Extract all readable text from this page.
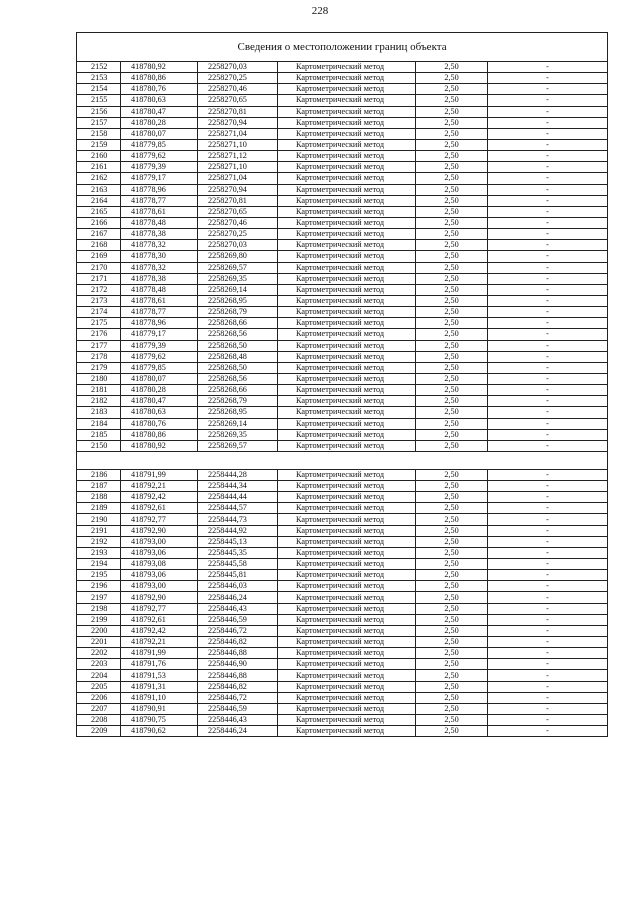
228
Сведения о местоположении границ объекта					
2152	418780,92	2258270,03	Картометрический метод	2,50	-
2153	418780,86	2258270,25	Картометрический метод	2,50	-
2154	418780,76	2258270,46	Картометрический метод	2,50	-
2155	418780,63	2258270,65	Картометрический метод	2,50	-
2156	418780,47	2258270,81	Картометрический метод	2,50	-
2157	418780,28	2258270,94	Картометрический метод	2,50	-
2158	418780,07	2258271,04	Картометрический метод	2,50	-
2159	418779,85	2258271,10	Картометрический метод	2,50	-
2160	418779,62	2258271,12	Картометрический метод	2,50	-
2161	418779,39	2258271,10	Картометрический метод	2,50	-
2162	418779,17	2258271,04	Картометрический метод	2,50	-
2163	418778,96	2258270,94	Картометрический метод	2,50	-
2164	418778,77	2258270,81	Картометрический метод	2,50	-
2165	418778,61	2258270,65	Картометрический метод	2,50	-
2166	418778,48	2258270,46	Картометрический метод	2,50	-
2167	418778,38	2258270,25	Картометрический метод	2,50	-
2168	418778,32	2258270,03	Картометрический метод	2,50	-
2169	418778,30	2258269,80	Картометрический метод	2,50	-
2170	418778,32	2258269,57	Картометрический метод	2,50	-
2171	418778,38	2258269,35	Картометрический метод	2,50	-
2172	418778,48	2258269,14	Картометрический метод	2,50	-
2173	418778,61	2258268,95	Картометрический метод	2,50	-
2174	418778,77	2258268,79	Картометрический метод	2,50	-
2175	418778,96	2258268,66	Картометрический метод	2,50	-
2176	418779,17	2258268,56	Картометрический метод	2,50	-
2177	418779,39	2258268,50	Картометрический метод	2,50	-
2178	418779,62	2258268,48	Картометрический метод	2,50	-
2179	418779,85	2258268,50	Картометрический метод	2,50	-
2180	418780,07	2258268,56	Картометрический метод	2,50	-
2181	418780,28	2258268,66	Картометрический метод	2,50	-
2182	418780,47	2258268,79	Картометрический метод	2,50	-
2183	418780,63	2258268,95	Картометрический метод	2,50	-
2184	418780,76	2258269,14	Картометрический метод	2,50	-
2185	418780,86	2258269,35	Картометрический метод	2,50	-
2150	418780,92	2258269,57	Картометрический метод	2,50	-

2186	418791,99	2258444,28	Картометрический метод	2,50	-
2187	418792,21	2258444,34	Картометрический метод	2,50	-
2188	418792,42	2258444,44	Картометрический метод	2,50	-
2189	418792,61	2258444,57	Картометрический метод	2,50	-
2190	418792,77	2258444,73	Картометрический метод	2,50	-
2191	418792,90	2258444,92	Картометрический метод	2,50	-
2192	418793,00	2258445,13	Картометрический метод	2,50	-
2193	418793,06	2258445,35	Картометрический метод	2,50	-
2194	418793,08	2258445,58	Картометрический метод	2,50	-
2195	418793,06	2258445,81	Картометрический метод	2,50	-
2196	418793,00	2258446,03	Картометрический метод	2,50	-
2197	418792,90	2258446,24	Картометрический метод	2,50	-
2198	418792,77	2258446,43	Картометрический метод	2,50	-
2199	418792,61	2258446,59	Картометрический метод	2,50	-
2200	418792,42	2258446,72	Картометрический метод	2,50	-
2201	418792,21	2258446,82	Картометрический метод	2,50	-
2202	418791,99	2258446,88	Картометрический метод	2,50	-
2203	418791,76	2258446,90	Картометрический метод	2,50	-
2204	418791,53	2258446,88	Картометрический метод	2,50	-
2205	418791,31	2258446,82	Картометрический метод	2,50	-
2206	418791,10	2258446,72	Картометрический метод	2,50	-
2207	418790,91	2258446,59	Картометрический метод	2,50	-
2208	418790,75	2258446,43	Картометрический метод	2,50	-
2209	418790,62	2258446,24	Картометрический метод	2,50	-
